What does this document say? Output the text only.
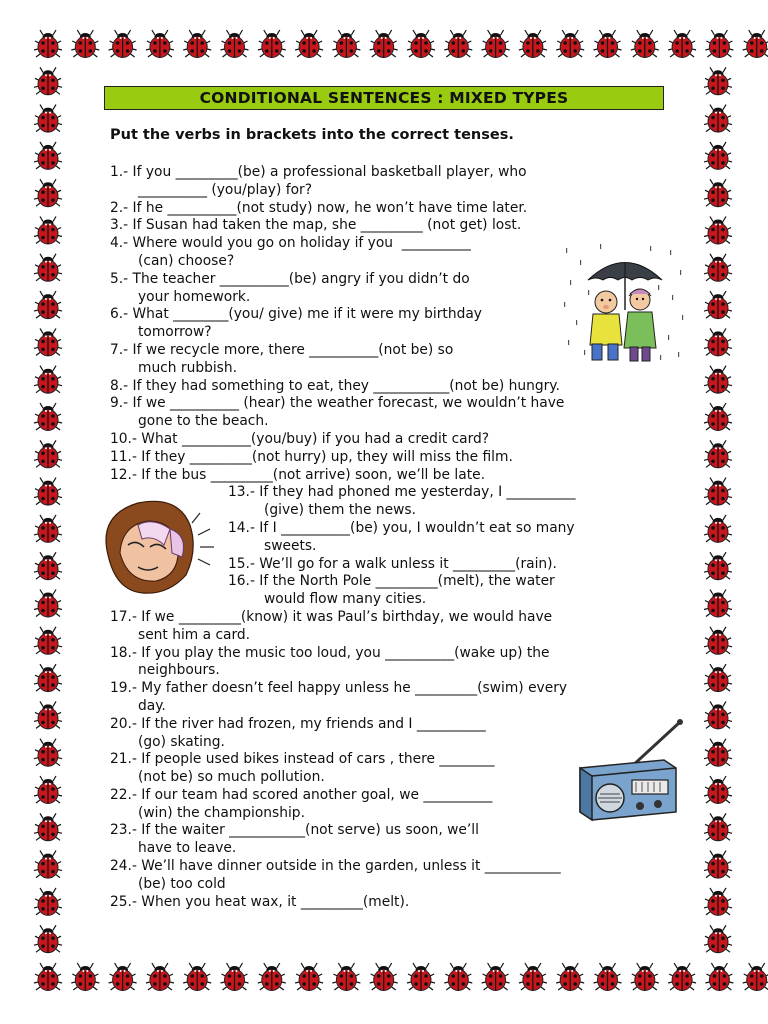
CONDITIONAL SENTENCES : MIXED TYPES
Put the verbs in brackets into the correct tenses.
1.- If you _________(be) a professional basketball player, who
__________ (you/play) for?
2.- If he __________(not study) now, he won’t have time later.
3.- If Susan had taken the map, she _________ (not get) lost.
4.- Where would you go on holiday if you  __________
(can) choose?
5.- The teacher __________(be) angry if you didn’t do
your homework.
6.- What ________(you/ give) me if it were my birthday
tomorrow?
7.- If we recycle more, there __________(not be) so
much rubbish.
8.- If they had something to eat, they ___________(not be) hungry.
9.- If we __________ (hear) the weather forecast, we wouldn’t have
gone to the beach.
10.- What __________(you/buy) if you had a credit card?
11.- If they _________(not hurry) up, they will miss the film.
12.- If the bus _________(not arrive) soon, we’ll be late.
13.- If they had phoned me yesterday, I __________
(give) them the news.
14.- If I __________(be) you, I wouldn’t eat so many
sweets.
15.- We’ll go for a walk unless it _________(rain).
16.- If the North Pole _________(melt), the water
would flow many cities.
17.- If we _________(know) it was Paul’s birthday, we would have
sent him a card.
18.- If you play the music too loud, you __________(wake up) the
neighbours.
19.- My father doesn’t feel happy unless he _________(swim) every
day.
20.- If the river had frozen, my friends and I __________
(go) skating.
21.- If people used bikes instead of cars , there ________
(not be) so much pollution.
22.- If our team had scored another goal, we __________
(win) the championship.
23.- If the waiter ___________(not serve) us soon, we’ll
have to leave.
24.- We’ll have dinner outside in the garden, unless it ___________
(be) too cold
25.- When you heat wax, it _________(melt).
